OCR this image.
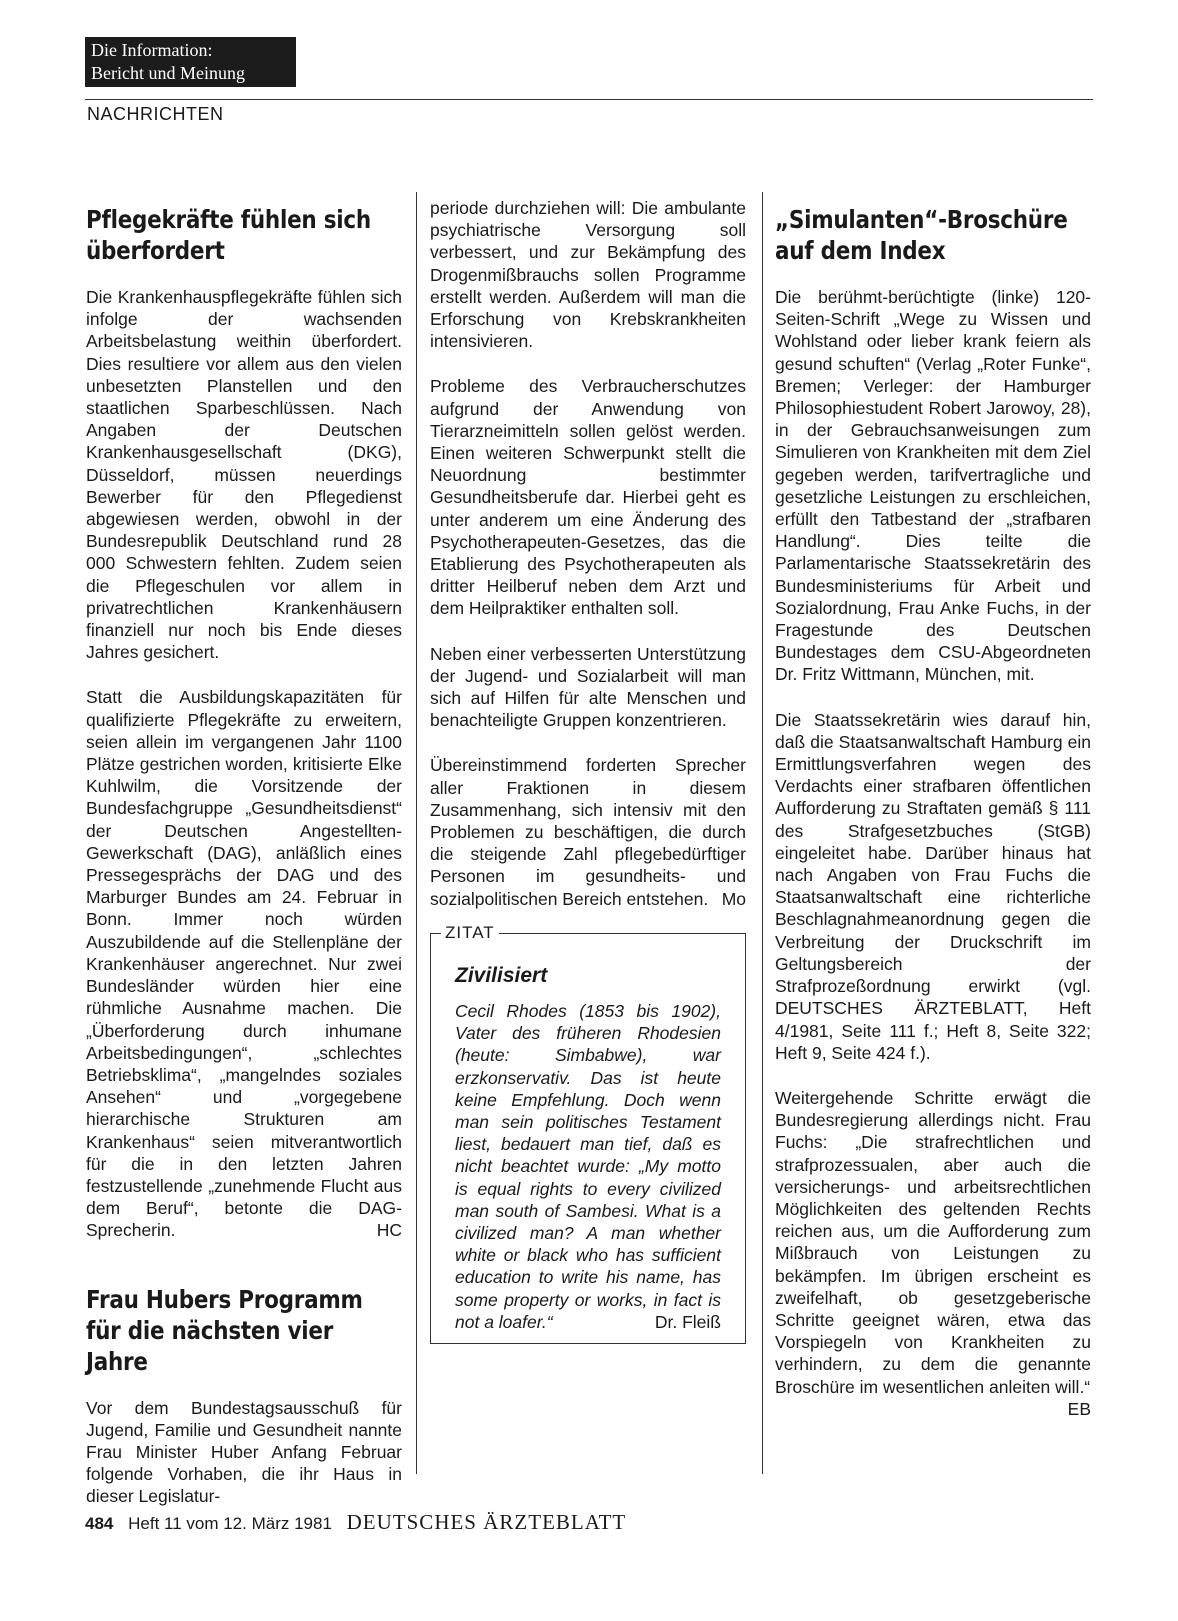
Die Information:
Bericht und Meinung
NACHRICHTEN
Pflegekräfte fühlen sich überfordert

Die Krankenhauspflegekräfte fühlen sich infolge der wachsenden Arbeitsbelastung weithin überfordert. Dies resultiere vor allem aus den vielen unbesetzten Planstellen und den staatlichen Sparbeschlüssen. Nach Angaben der Deutschen Krankenhausgesellschaft (DKG), Düsseldorf, müssen neuerdings Bewerber für den Pflegedienst abgewiesen werden, obwohl in der Bundesrepublik Deutschland rund 28 000 Schwestern fehlten. Zudem seien die Pflegeschulen vor allem in privatrechtlichen Krankenhäusern finanziell nur noch bis Ende dieses Jahres gesichert.

Statt die Ausbildungskapazitäten für qualifizierte Pflegekräfte zu erweitern, seien allein im vergangenen Jahr 1100 Plätze gestrichen worden, kritisierte Elke Kuhlwilm, die Vorsitzende der Bundesfachgruppe „Gesundheitsdienst“ der Deutschen Angestellten-Gewerkschaft (DAG), anläßlich eines Pressegesprächs der DAG und des Marburger Bundes am 24. Februar in Bonn. Immer noch würden Auszubildende auf die Stellenpläne der Krankenhäuser angerechnet. Nur zwei Bundesländer würden hier eine rühmliche Ausnahme machen. Die „Überforderung durch inhumane Arbeitsbedingungen“, „schlechtes Betriebsklima“, „mangelndes soziales Ansehen“ und „vorgegebene hierarchische Strukturen am Krankenhaus“ seien mitverantwortlich für die in den letzten Jahren festzustellende „zunehmende Flucht aus dem Beruf“, betonte die DAG-Sprecherin.	HC

Frau Hubers Programm für die nächsten vier Jahre

Vor dem Bundestagsausschuß für Jugend, Familie und Gesundheit nannte Frau Minister Huber Anfang Februar folgende Vorhaben, die ihr Haus in dieser Legislatur-

periode durchziehen will: Die ambulante psychiatrische Versorgung soll verbessert, und zur Bekämpfung des Drogenmißbrauchs sollen Programme erstellt werden. Außerdem will man die Erforschung von Krebskrankheiten intensivieren.

Probleme des Verbraucherschutzes aufgrund der Anwendung von Tierarzneimitteln sollen gelöst werden. Einen weiteren Schwerpunkt stellt die Neuordnung bestimmter Gesundheitsberufe dar. Hierbei geht es unter anderem um eine Änderung des Psychotherapeuten-Gesetzes, das die Etablierung des Psychotherapeuten als dritter Heilberuf neben dem Arzt und dem Heilpraktiker enthalten soll.

Neben einer verbesserten Unterstützung der Jugend- und Sozialarbeit will man sich auf Hilfen für alte Menschen und benachteiligte Gruppen konzentrieren.

Übereinstimmend forderten Sprecher aller Fraktionen in diesem Zusammenhang, sich intensiv mit den Problemen zu beschäftigen, die durch die steigende Zahl pflegebedürftiger Personen im gesundheits- und sozialpolitischen Bereich entstehen. Mo

ZITAT
Zivilisiert

Cecil Rhodes (1853 bis 1902), Vater des früheren Rhodesien (heute: Simbabwe), war erzkonservativ. Das ist heute keine Empfehlung. Doch wenn man sein politisches Testament liest, bedauert man tief, daß es nicht beachtet wurde: „My motto is equal rights to every civilized man south of Sambesi. What is a civilized man? A man whether white or black who has sufficient education to write his name, has some property or works, in fact is not a loafer.“	Dr. Fleiß

„Simulanten“-Broschüre auf dem Index

Die berühmt-berüchtigte (linke) 120-Seiten-Schrift „Wege zu Wissen und Wohlstand oder lieber krank feiern als gesund schuften“ (Verlag „Roter Funke“, Bremen; Verleger: der Hamburger Philosophiestudent Robert Jarowoy, 28), in der Gebrauchsanweisungen zum Simulieren von Krankheiten mit dem Ziel gegeben werden, tarifvertragliche und gesetzliche Leistungen zu erschleichen, erfüllt den Tatbestand der „strafbaren Handlung“. Dies teilte die Parlamentarische Staatssekretärin des Bundesministeriums für Arbeit und Sozialordnung, Frau Anke Fuchs, in der Fragestunde des Deutschen Bundestages dem CSU-Abgeordneten Dr. Fritz Wittmann, München, mit.

Die Staatssekretärin wies darauf hin, daß die Staatsanwaltschaft Hamburg ein Ermittlungsverfahren wegen des Verdachts einer strafbaren öffentlichen Aufforderung zu Straftaten gemäß § 111 des Strafgesetzbuches (StGB) eingeleitet habe. Darüber hinaus hat nach Angaben von Frau Fuchs die Staatsanwaltschaft eine richterliche Beschlagnahmeanordnung gegen die Verbreitung der Druckschrift im Geltungsbereich der Strafprozeßordnung erwirkt (vgl. DEUTSCHES ÄRZTEBLATT, Heft 4/1981, Seite 111 f.; Heft 8, Seite 322; Heft 9, Seite 424 f.).

Weitergehende Schritte erwägt die Bundesregierung allerdings nicht. Frau Fuchs: „Die strafrechtlichen und strafprozessualen, aber auch die versicherungs- und arbeitsrechtlichen Möglichkeiten des geltenden Rechts reichen aus, um die Aufforderung zum Mißbrauch von Leistungen zu bekämpfen. Im übrigen erscheint es zweifelhaft, ob gesetzgeberische Schritte geeignet wären, etwa das Vorspiegeln von Krankheiten zu verhindern, zu dem die genannte Broschüre im wesentlichen anleiten will.“
EB

484 Heft 11 vom 12. März 1981 DEUTSCHES ÄRZTEBLATT
